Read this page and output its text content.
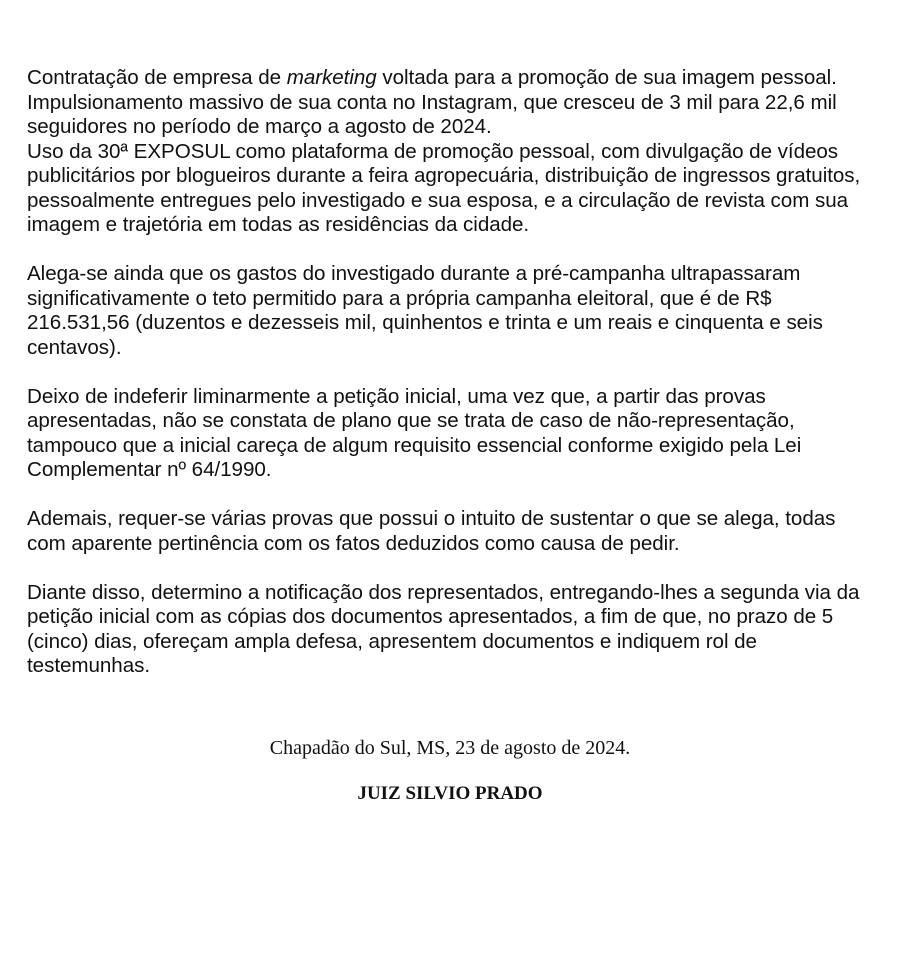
Contratação de empresa de marketing voltada para a promoção de sua imagem pessoal.

Impulsionamento massivo de sua conta no Instagram, que cresceu de 3 mil para 22,6 mil seguidores no período de março a agosto de 2024.

Uso da 30ª EXPOSUL como plataforma de promoção pessoal, com divulgação de vídeos publicitários por blogueiros durante a feira agropecuária, distribuição de ingressos gratuitos, pessoalmente entregues pelo investigado e sua esposa, e a circulação de revista com sua imagem e trajetória em todas as residências da cidade.

Alega-se ainda que os gastos do investigado durante a pré-campanha ultrapassaram significativamente o teto permitido para a própria campanha eleitoral, que é de R$ 216.531,56 (duzentos e dezesseis mil, quinhentos e trinta e um reais e cinquenta e seis centavos).

Deixo de indeferir liminarmente a petição inicial, uma vez que, a partir das provas apresentadas, não se constata de plano que se trata de caso de não-representação, tampouco que a inicial careça de algum requisito essencial conforme exigido pela Lei Complementar nº 64/1990.

Ademais, requer-se várias provas que possui o intuito de sustentar o que se alega, todas com aparente pertinência com os fatos deduzidos como causa de pedir.

Diante disso, determino a notificação dos representados, entregando-lhes a segunda via da petição inicial com as cópias dos documentos apresentados, a fim de que, no prazo de 5 (cinco) dias, ofereçam ampla defesa, apresentem documentos e indiquem rol de testemunhas.

Chapadão do Sul, MS, 23 de agosto de 2024.
JUIZ SILVIO PRADO
